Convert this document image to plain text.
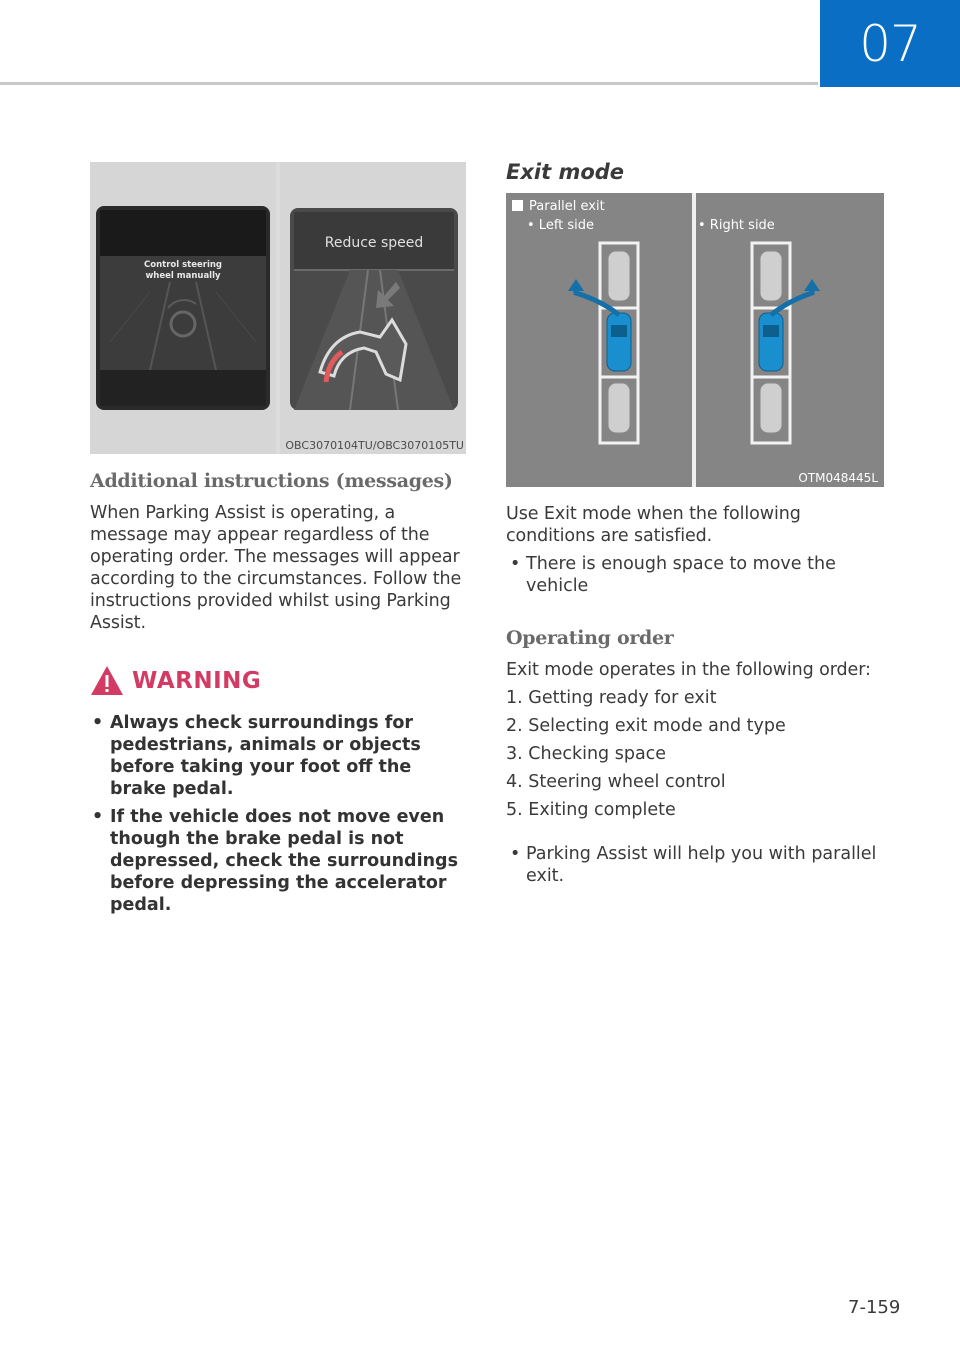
07
Control steering
wheel manually
Reduce speed
OBC3070104TU/OBC3070105TU
Additional instructions (messages)

When Parking Assist is operating, a message may appear regardless of the operating order. The messages will appear according to the circumstances. Follow the instructions provided whilst using Parking Assist.

WARNING
• Always check surroundings for pedestrians, animals or objects before taking your foot off the brake pedal.
• If the vehicle does not move even though the brake pedal is not depressed, check the surroundings before depressing the accelerator pedal.
Exit mode
Parallel exit
• Left side	• Right side
OTM048445L

Use Exit mode when the following conditions are satisfied.

• There is enough space to move the vehicle
Operating order

Exit mode operates in the following order:

1. Getting ready for exit
2. Selecting exit mode and type
3. Checking space
4. Steering wheel control
5. Exiting complete
• Parking Assist will help you with parallel exit.
7-159
